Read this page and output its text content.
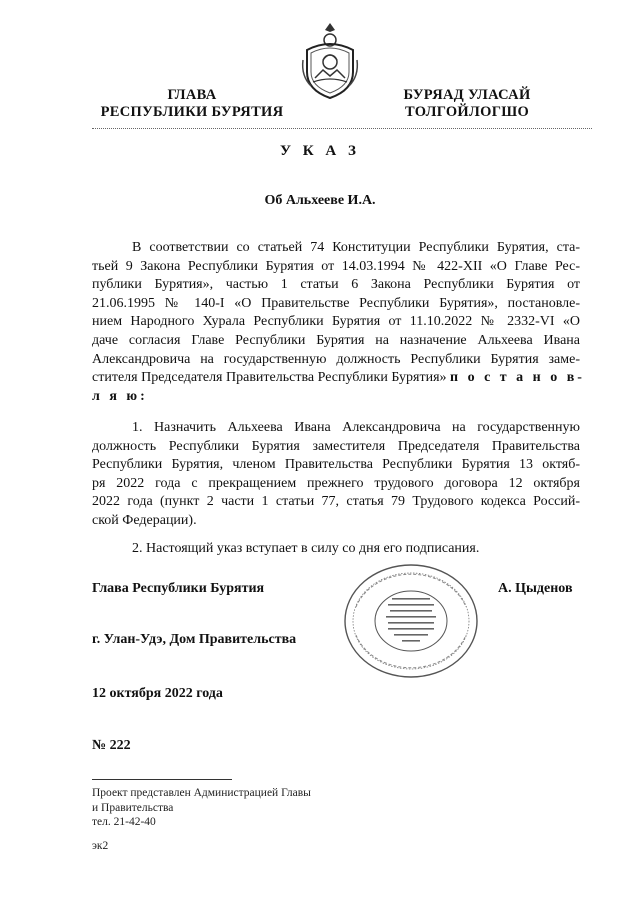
ГЛАВА
РЕСПУБЛИКИ БУРЯТИЯ
БУРЯАД УЛАСАЙ
ТОЛГОЙЛОГШО
У К А З
Об Альхееве И.А.
В соответствии со статьей 74 Конституции Республики Бурятия, ста-
тьей 9 Закона Республики Бурятия от 14.03.1994 № 422-XII «О Главе Рес-
публики Бурятия», частью 1 статьи 6 Закона Республики Бурятия от
21.06.1995 № 140-I «О Правительстве Республики Бурятия», постановле-
нием Народного Хурала Республики Бурятия от 11.10.2022 № 2332-VI «О
даче согласия Главе Республики Бурятия на назначение Альхеева Ивана
Александровича на государственную должность Республики Бурятия заме-
стителя Председателя Правительства Республики Бурятия» п о с т а н о в-
л я ю:
1. Назначить Альхеева Ивана Александровича на государственную
должность Республики Бурятия заместителя Председателя Правительства
Республики Бурятия, членом Правительства Республики Бурятия 13 октяб-
ря 2022 года с прекращением прежнего трудового договора 12 октября
2022 года (пункт 2 части 1 статьи 77, статья 79 Трудового кодекса Россий-
ской Федерации).
2. Настоящий указ вступает в силу со дня его подписания.
Глава Республики Бурятия	А. Цыденов
г. Улан-Удэ, Дом Правительства
12 октября 2022 года
№ 222
Проект представлен Администрацией Главы
и Правительства
тел. 21-42-40
эк2
